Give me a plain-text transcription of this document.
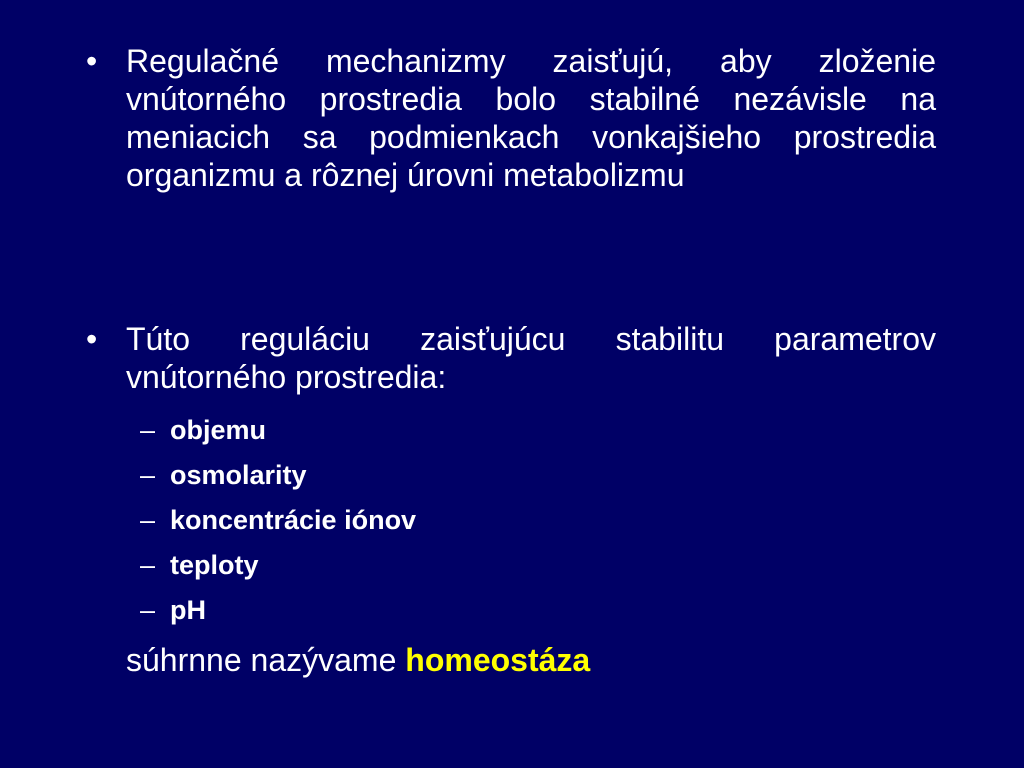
• Regulačné mechanizmy zaisťujú, aby zloženie vnútorného prostredia bolo stabilné nezávisle na meniacich sa podmienkach vonkajšieho prostredia organizmu a rôznej úrovni metabolizmu
• Túto reguláciu zaisťujúcu stabilitu parametrov vnútorného prostredia:
– objemu
– osmolarity
– koncentrácie iónov
– teploty
– pH
súhrnne nazývame homeostáza
